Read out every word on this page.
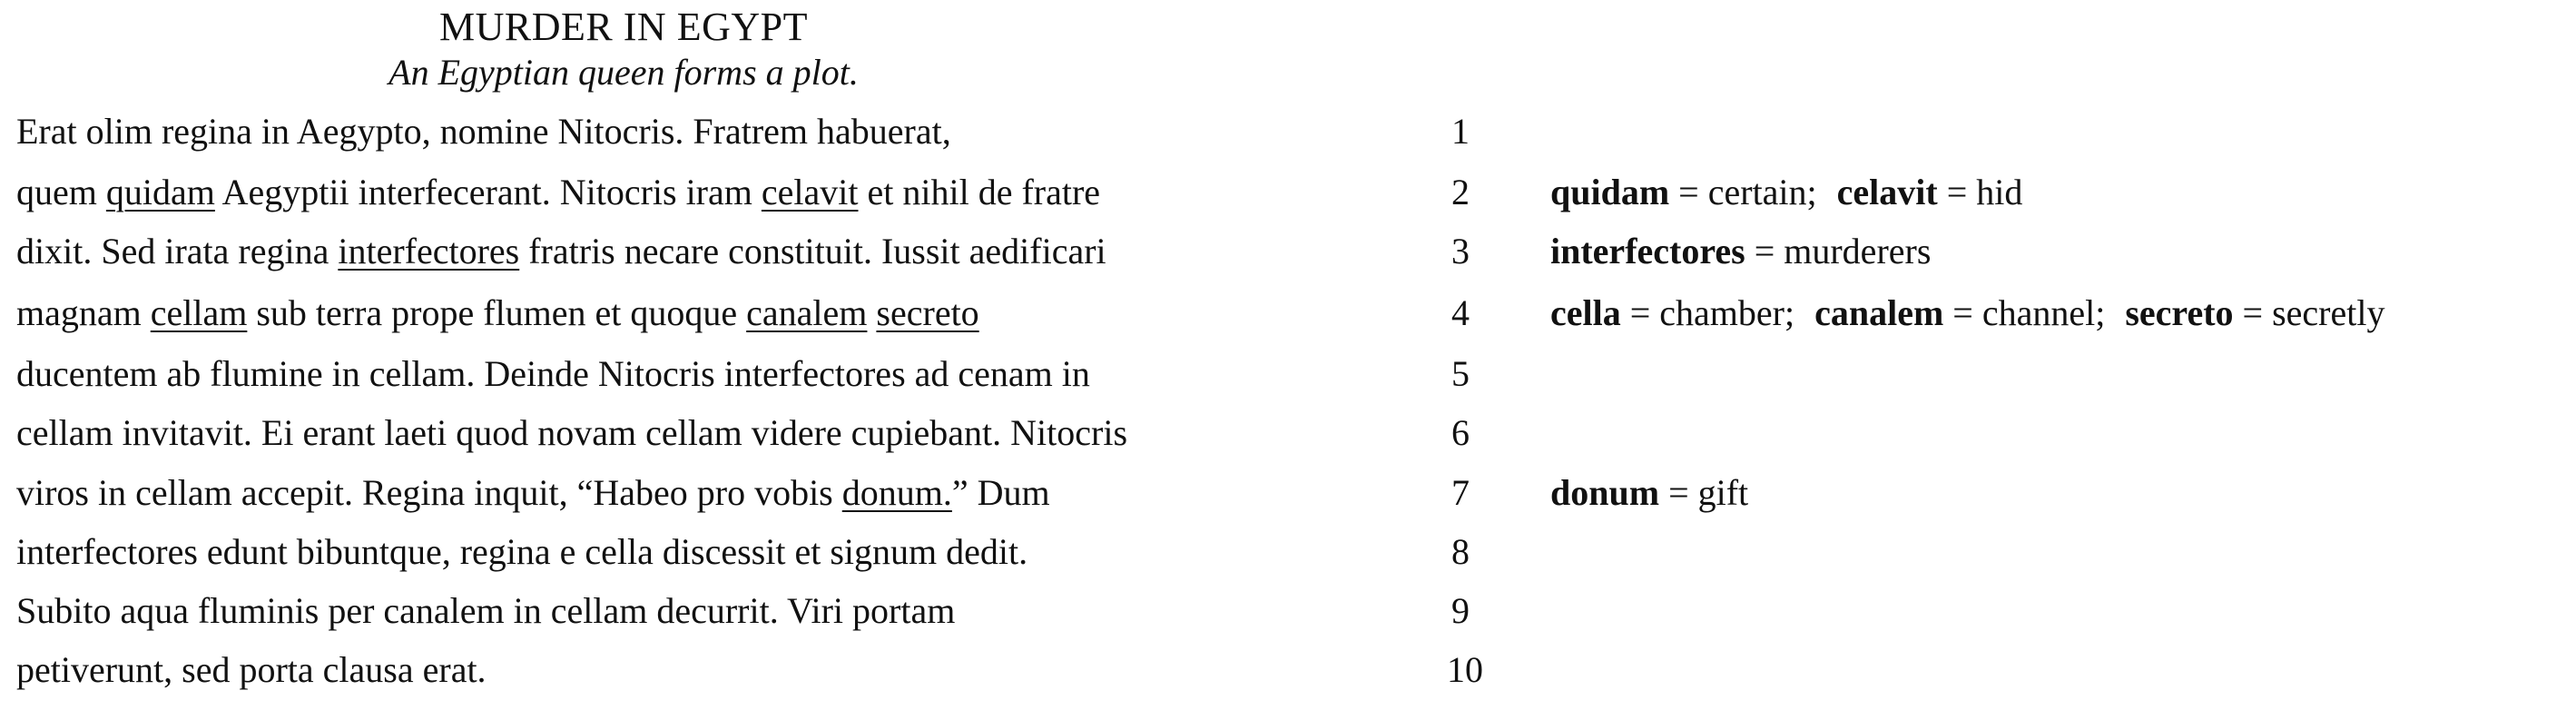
MURDER IN EGYPT
An Egyptian queen forms a plot.
Erat olim regina in Aegypto, nomine Nitocris. Fratrem habuerat,
quem quidam Aegyptii interfecerant. Nitocris iram celavit et nihil de fratre
dixit. Sed irata regina interfectores fratris necare constituit. Iussit aedificari
magnam cellam sub terra prope flumen et quoque canalem secreto
ducentem ab flumine in cellam. Deinde Nitocris interfectores ad cenam in
cellam invitavit. Ei erant laeti quod novam cellam videre cupiebant. Nitocris
viros in cellam accepit. Regina inquit, “Habeo pro vobis donum.” Dum
interfectores edunt bibuntque, regina e cella discessit et signum dedit.
Subito aqua fluminis per canalem in cellam decurrit. Viri portam
petiverunt, sed porta clausa erat.
1
2
3
4
5
6
7
8
9
10
quidam = certain; celavit = hid
interfectores = murderers
cella = chamber; canalem = channel; secreto = secretly
donum = gift
